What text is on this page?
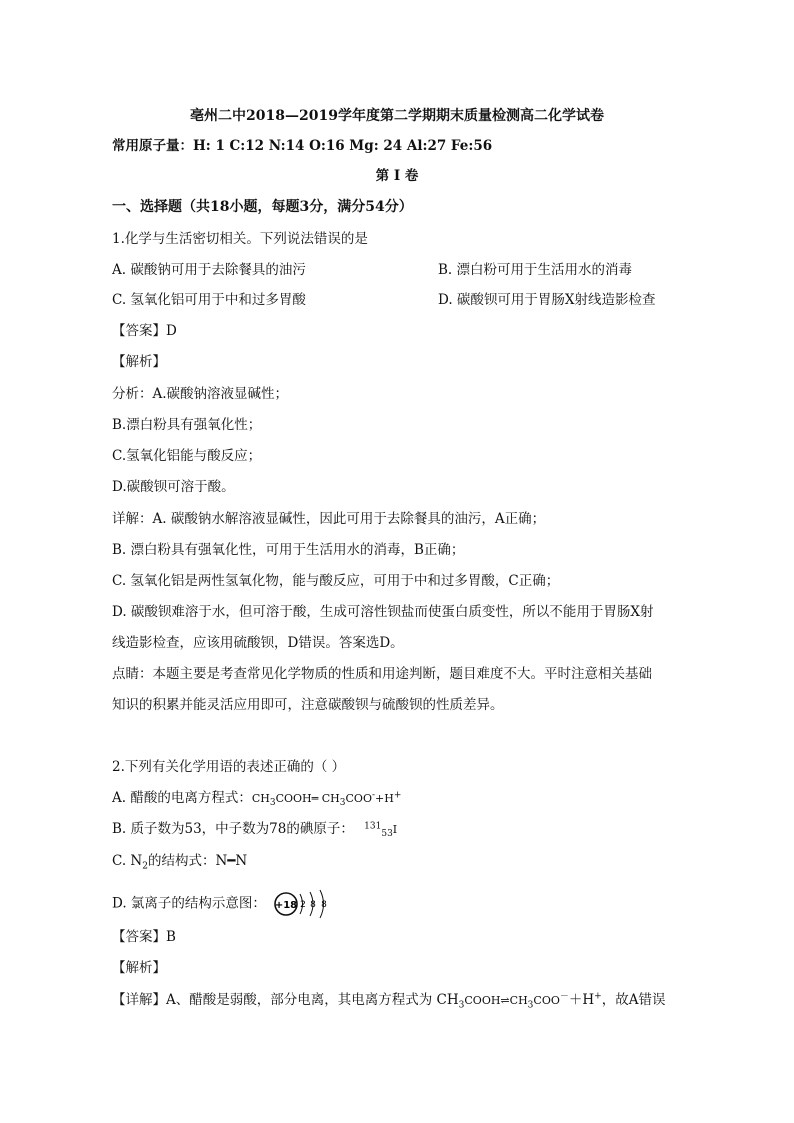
亳州二中2018—2019学年度第二学期期末质量检测高二化学试卷
常用原子量：H: 1 C:12 N:14 O:16 Mg: 24 Al:27 Fe:56
第 I 卷
一、选择题（共18小题，每题3分，满分54分）
1.化学与生活密切相关。下列说法错误的是
A. 碳酸钠可用于去除餐具的油污	B. 漂白粉可用于生活用水的消毒
C. 氢氧化铝可用于中和过多胃酸	D. 碳酸钡可用于胃肠X射线造影检查
【答案】D
【解析】
分析：A.碳酸钠溶液显碱性；
B.漂白粉具有强氧化性；
C.氢氧化铝能与酸反应；
D.碳酸钡可溶于酸。
详解：A. 碳酸钠水解溶液显碱性，因此可用于去除餐具的油污，A正确；
B. 漂白粉具有强氧化性，可用于生活用水的消毒，B正确；
C. 氢氧化铝是两性氢氧化物，能与酸反应，可用于中和过多胃酸，C正确；
D. 碳酸钡难溶于水，但可溶于酸，生成可溶性钡盐而使蛋白质变性，所以不能用于胃肠X射
线造影检查，应该用硫酸钡，D错误。答案选D。
点睛：本题主要是考查常见化学物质的性质和用途判断，题目难度不大。平时注意相关基础
知识的积累并能灵活应用即可，注意碳酸钡与硫酸钡的性质差异。
2.下列有关化学用语的表述正确的（ ）
A. 醋酸的电离方程式：$CH_3COOH═$ $CH_3COO^-+H^+$
B. 质子数为53，中子数为78的碘原子： $^{131}_{53}$I
C. $N_2$的结构式：N━N
D. 氯离子的结构示意图： +18 2 8 8
【答案】B
【解析】
【详解】A、醋酸是弱酸，部分电离，其电离方程式为 $CH_3COOH\rightleftharpoons CH_3COO^-+H^+$，故A错误
